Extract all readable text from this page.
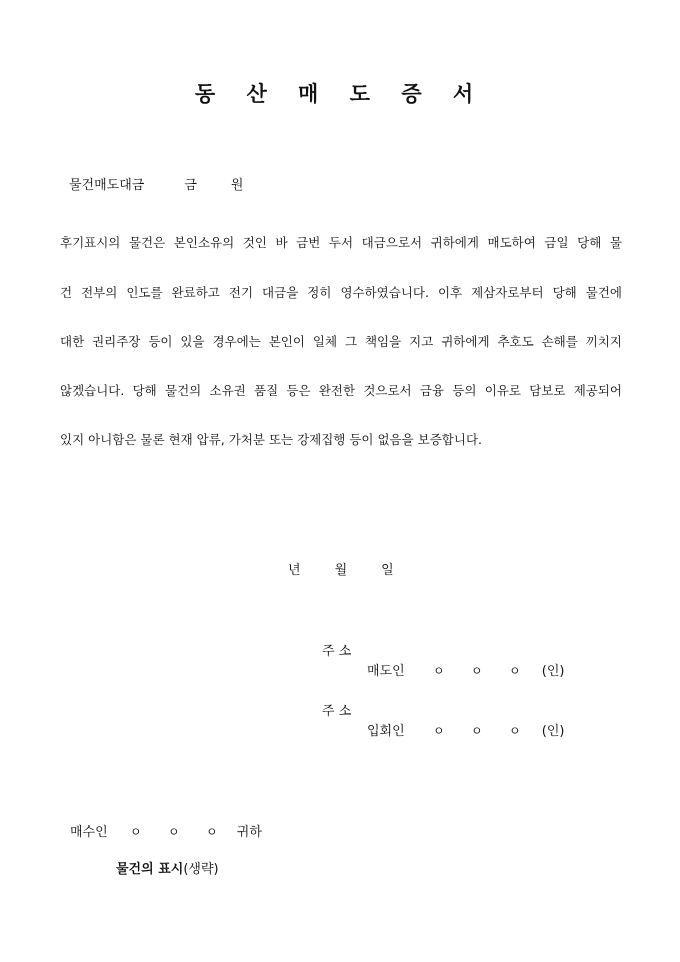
동 산 매 도 증 서
물건매도대금	금	원
후기표시의 물건은 본인소유의 것인 바 금번 두서 대금으로서 귀하에게 매도하여 금일 당해 물
건 전부의 인도를 완료하고 전기 대금을 정히 영수하였습니다. 이후 제삼자로부터 당해 물건에
대한 권리주장 등이 있을 경우에는 본인이 일체 그 책임을 지고 귀하에게 추호도 손해를 끼치지
않겠습니다. 당해 물건의 소유권 품질 등은 완전한 것으로서 금융 등의 이유로 담보로 제공되어
있지 아니함은 물론 현재 압류, 가처분 또는 강제집행 등이 없음을 보증합니다.
년	월	일
주 소
매도인 ㅇ ㅇ ㅇ (인)
주 소
입회인 ㅇ ㅇ ㅇ (인)
매수인 ㅇ ㅇ ㅇ 귀하
물건의 표시(생략)
